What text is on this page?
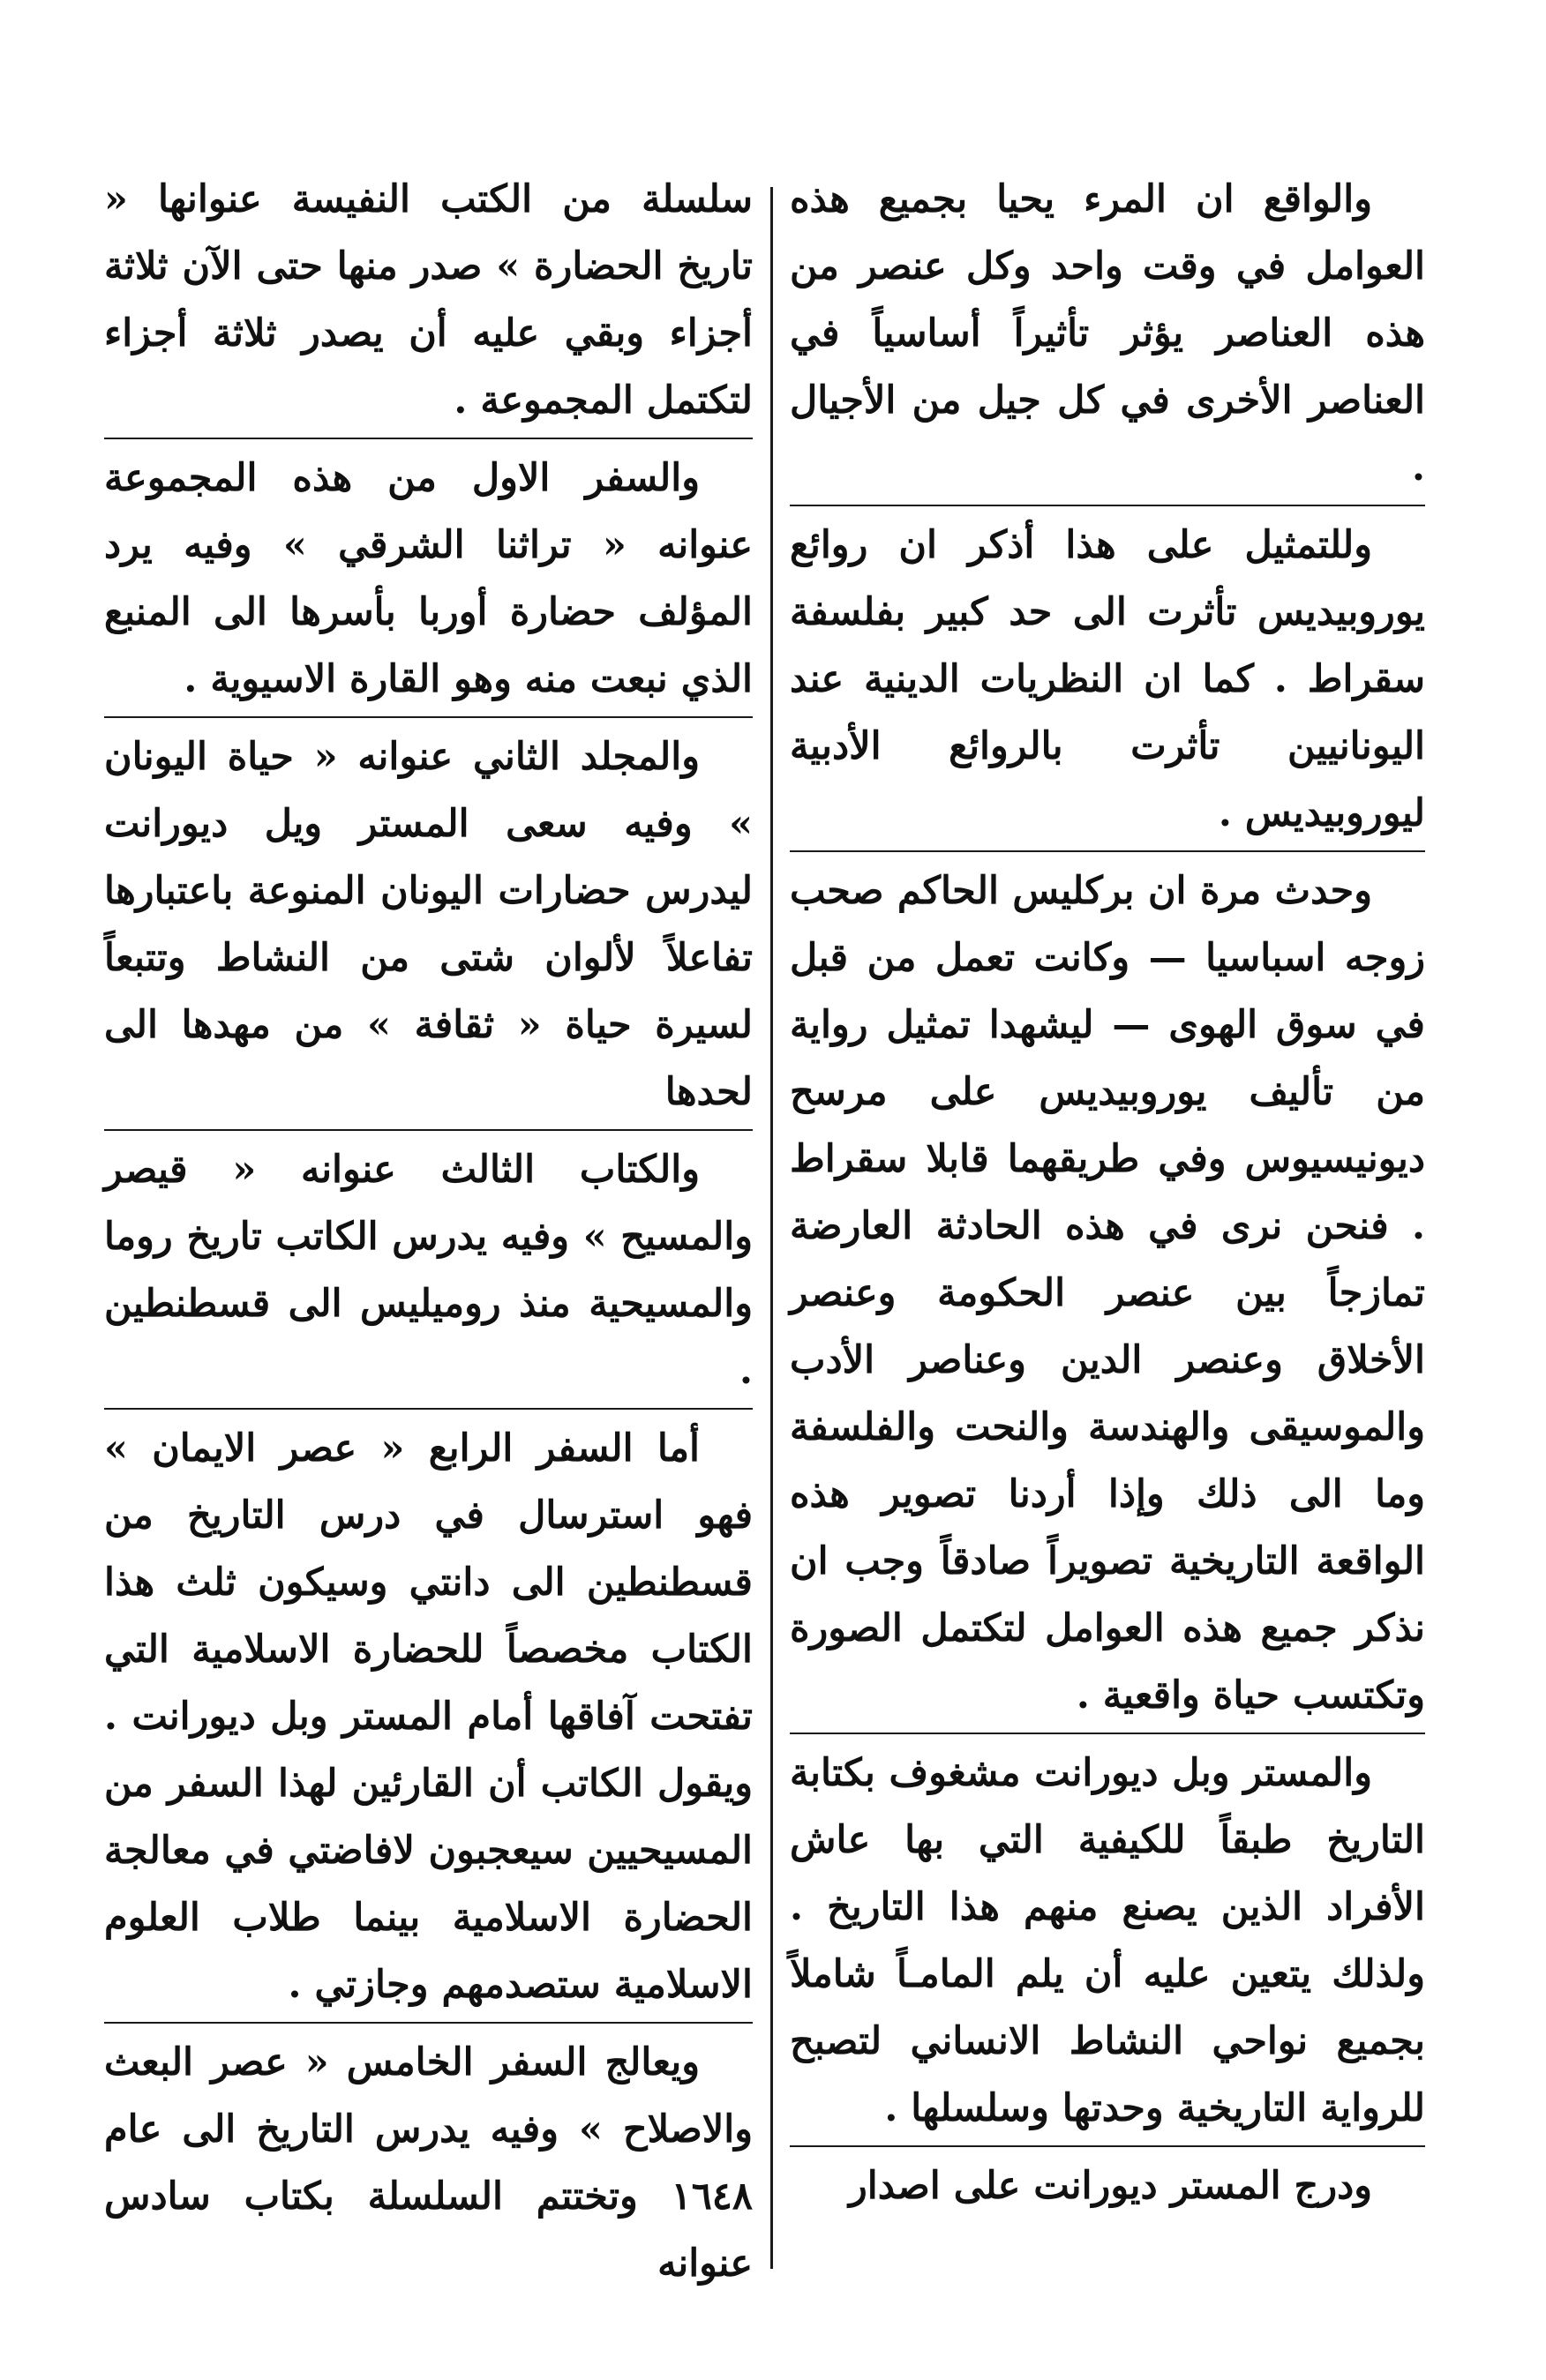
والواقع ان المرء يحيا بجميع هذه العوامل في وقت واحد وكل عنصر من هذه العناصر يؤثر تأثيراً أساسياً في العناصر الأخرى في كل جيل من الأجيال .

وللتمثيل على هذا أذكر ان روائع يوروبيديس تأثرت الى حد كبير بفلسفة سقراط . كما ان النظريات الدينية عند اليونانيين تأثرت بالروائع الأدبية ليوروبيديس .

وحدث مرة ان بركليس الحاكم صحب زوجه اسباسيا — وكانت تعمل من قبل في سوق الهوى — ليشهدا تمثيل رواية من تأليف يوروبيديس على مرسح ديونيسيوس وفي طريقهما قابلا سقراط . فنحن نرى في هذه الحادثة العارضة تمازجاً بين عنصر الحكومة وعنصر الأخلاق وعنصر الدين وعناصر الأدب والموسيقى والهندسة والنحت والفلسفة وما الى ذلك وإذا أردنا تصوير هذه الواقعة التاريخية تصويراً صادقاً وجب ان نذكر جميع هذه العوامل لتكتمل الصورة وتكتسب حياة واقعية .

والمستر وبل ديورانت مشغوف بكتابة التاريخ طبقاً للكيفية التي بها عاش الأفراد الذين يصنع منهم هذا التاريخ . ولذلك يتعين عليه أن يلم المامـاً شاملاً بجميع نواحي النشاط الانساني لتصبح للرواية التاريخية وحدتها وسلسلها .

ودرج المستر ديورانت على اصدار

سلسلة من الكتب النفيسة عنوانها « تاريخ الحضارة » صدر منها حتى الآن ثلاثة أجزاء وبقي عليه أن يصدر ثلاثة أجزاء لتكتمل المجموعة .

والسفر الاول من هذه المجموعة عنوانه « تراثنا الشرقي » وفيه يرد المؤلف حضارة أوربا بأسرها الى المنبع الذي نبعت منه وهو القارة الاسيوية .

والمجلد الثاني عنوانه « حياة اليونان » وفيه سعى المستر ويل ديورانت ليدرس حضارات اليونان المنوعة باعتبارها تفاعلاً لألوان شتى من النشاط وتتبعاً لسيرة حياة « ثقافة » من مهدها الى لحدها

والكتاب الثالث عنوانه « قيصر والمسيح » وفيه يدرس الكاتب تاريخ روما والمسيحية منذ روميليس الى قسطنطين .

أما السفر الرابع « عصر الايمان » فهو استرسال في درس التاريخ من قسطنطين الى دانتي وسيكون ثلث هذا الكتاب مخصصاً للحضارة الاسلامية التي تفتحت آفاقها أمام المستر وبل ديورانت . ويقول الكاتب أن القارئين لهذا السفر من المسيحيين سيعجبون لافاضتي في معالجة الحضارة الاسلامية بينما طلاب العلوم الاسلامية ستصدمهم وجازتي .

ويعالج السفر الخامس « عصر البعث والاصلاح » وفيه يدرس التاريخ الى عام ١٦٤٨ وتختتم السلسلة بكتاب سادس عنوانه
